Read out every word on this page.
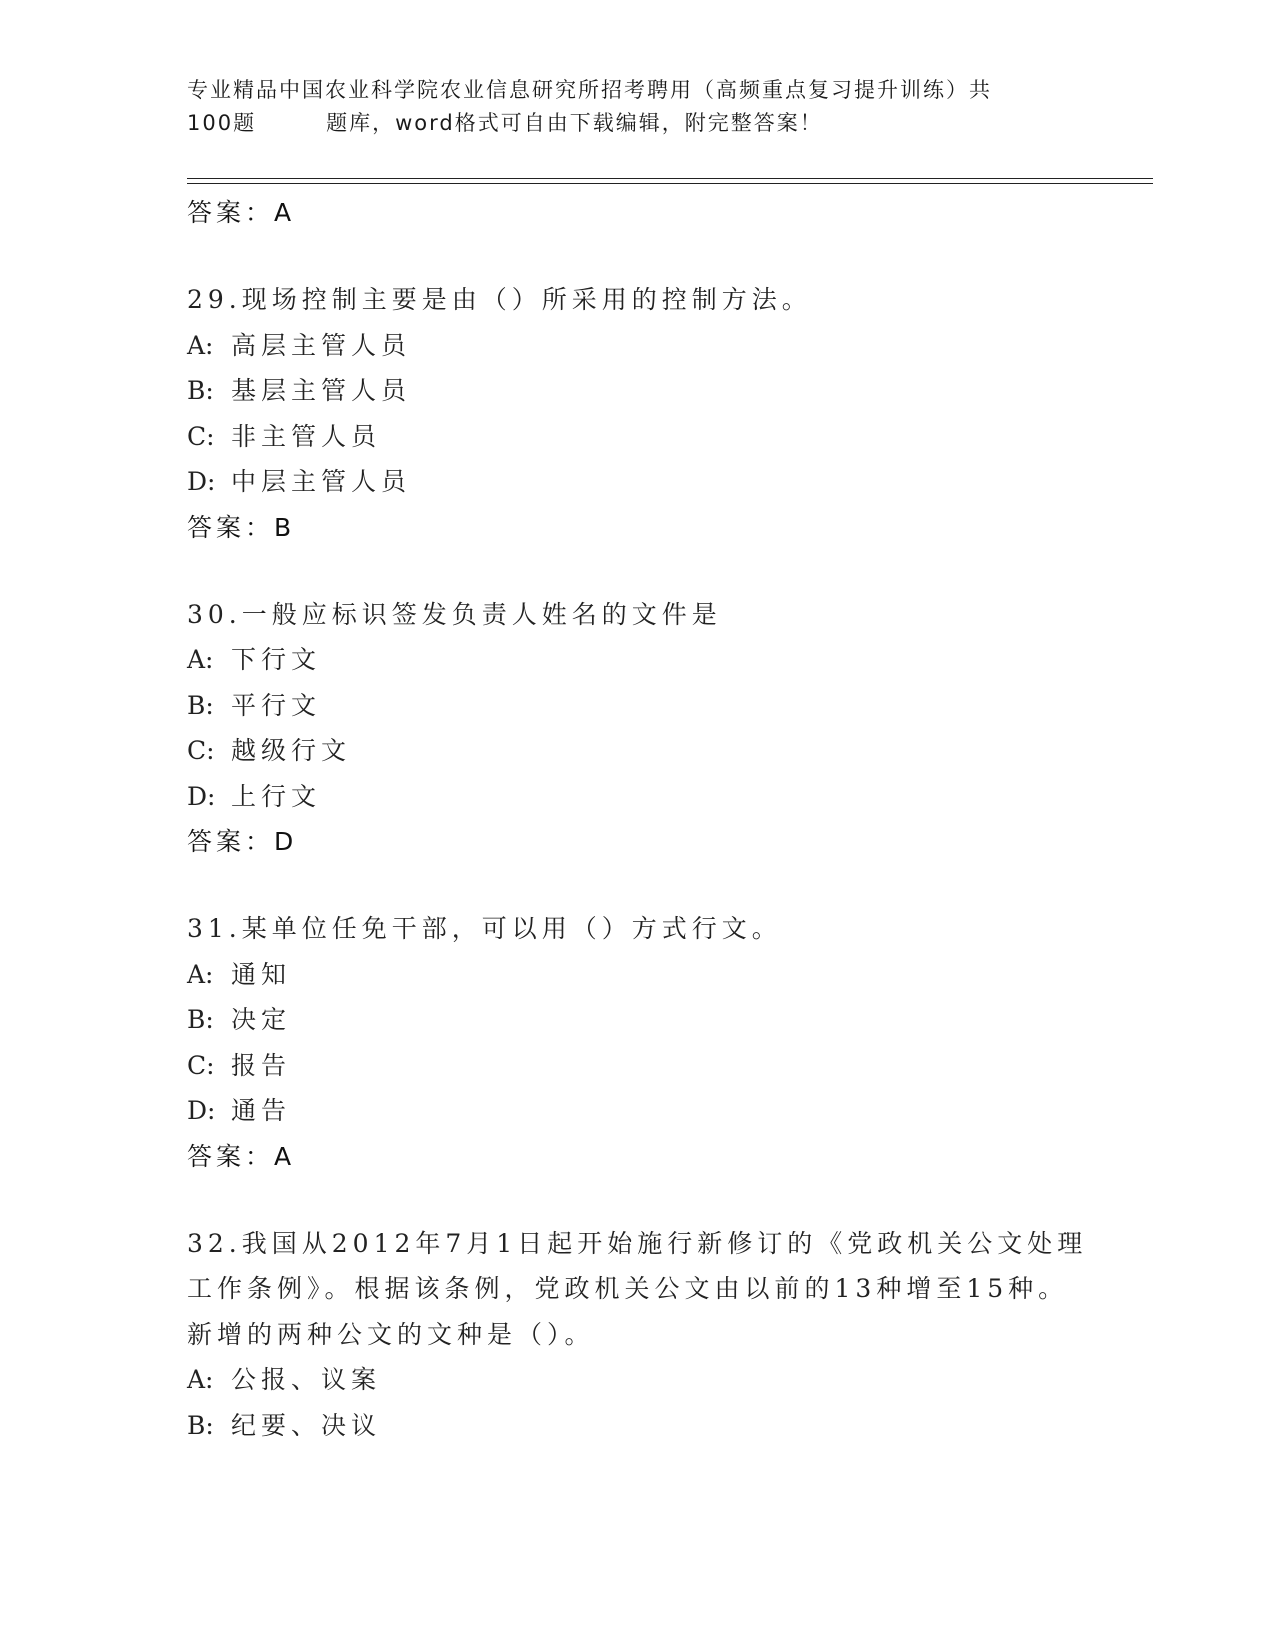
专业精品中国农业科学院农业信息研究所招考聘用（高频重点复习提升训练）共
100题	题库，word格式可自由下载编辑，附完整答案！
答案：A
29.现场控制主要是由（）所采用的控制方法。
A: 高层主管人员
B: 基层主管人员
C: 非主管人员
D: 中层主管人员
答案：B
30.一般应标识签发负责人姓名的文件是
A: 下行文
B: 平行文
C: 越级行文
D: 上行文
答案：D
31.某单位任免干部，可以用（）方式行文。
A: 通知
B: 决定
C: 报告
D: 通告
答案：A
32.我国从2012年7月1日起开始施行新修订的《党政机关公文处理
工作条例》。根据该条例，党政机关公文由以前的13种增至15种。
新增的两种公文的文种是（）。
A: 公报、议案
B: 纪要、决议
